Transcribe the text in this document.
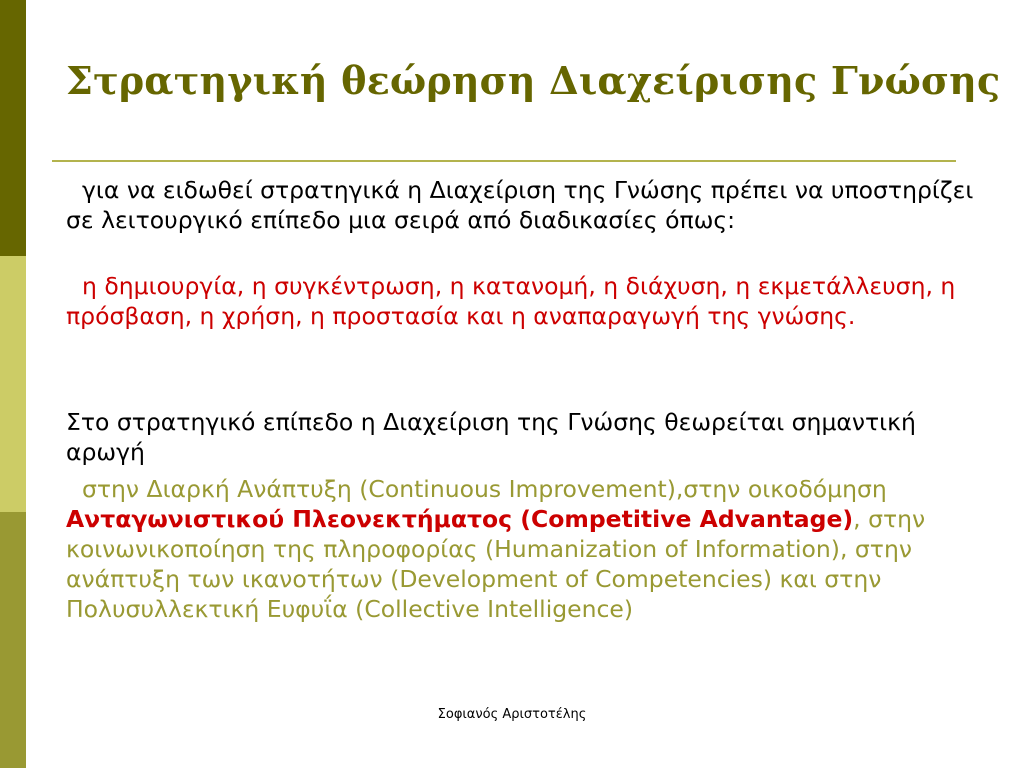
Στρατηγική θεώρηση Διαχείρισης Γνώσης

για να ειδωθεί στρατηγικά η Διαχείριση της Γνώσης πρέπει να υποστηρίζει σε λειτουργικό επίπεδο μια σειρά από διαδικασίες όπως:

η δημιουργία, η συγκέντρωση, η κατανομή, η διάχυση, η εκμετάλλευση, η πρόσβαση, η χρήση, η προστασία και η αναπαραγωγή της γνώσης.

Στο στρατηγικό επίπεδο η Διαχείριση της Γνώσης θεωρείται σημαντική αρωγή

στην Διαρκή Ανάπτυξη (Continuous Improvement),στην οικοδόμηση Ανταγωνιστικού Πλεονεκτήματος (Competitive Advantage), στην κοινωνικοποίηση της πληροφορίας (Humanization of Information), στην ανάπτυξη των ικανοτήτων (Development of Competencies) και στην Πολυσυλλεκτική Ευφυΐα (Collective Intelligence)

Σοφιανός Αριστοτέλης
